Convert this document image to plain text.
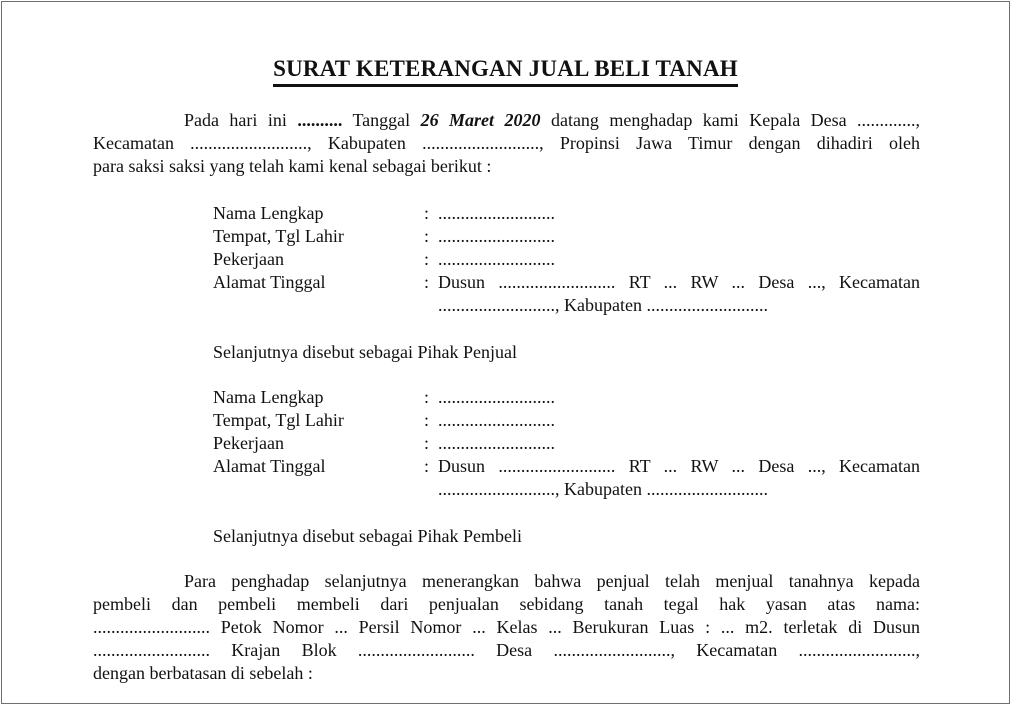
SURAT KETERANGAN JUAL BELI TANAH
Pada hari ini .......... Tanggal 26 Maret 2020 datang menghadap kami Kepala Desa .............,
Kecamatan .........................., Kabupaten .........................., Propinsi Jawa Timur dengan dihadiri oleh
para saksi saksi yang telah kami kenal sebagai berikut :
Nama Lengkap	: ..........................
Tempat, Tgl Lahir	: ..........................
Pekerjaan	: ..........................
Alamat Tinggal	: Dusun .......................... RT ... RW ... Desa ..., Kecamatan
.........................., Kabupaten ...........................
Selanjutnya disebut sebagai Pihak Penjual
Nama Lengkap	: ..........................
Tempat, Tgl Lahir	: ..........................
Pekerjaan	: ..........................
Alamat Tinggal	: Dusun .......................... RT ... RW ... Desa ..., Kecamatan
.........................., Kabupaten ...........................
Selanjutnya disebut sebagai Pihak Pembeli
Para penghadap selanjutnya menerangkan bahwa penjual telah menjual tanahnya kepada
pembeli dan pembeli membeli dari penjualan sebidang tanah tegal hak yasan atas nama:
.......................... Petok Nomor ... Persil Nomor ... Kelas ... Berukuran Luas : ... m2. terletak di Dusun
.......................... Krajan Blok .......................... Desa .........................., Kecamatan ..........................,
dengan berbatasan di sebelah :
